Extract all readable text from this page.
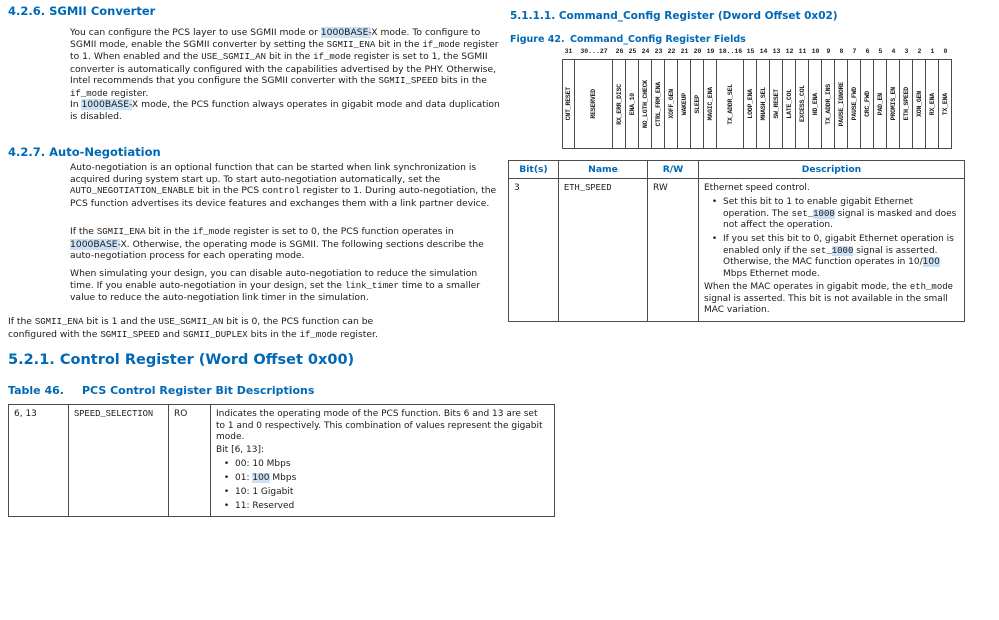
4.2.6. SGMII Converter

You can configure the PCS layer to use SGMII mode or 1000BASE-X mode. To configure to SGMII mode, enable the SGMII converter by setting the SGMII_ENA bit in the if_mode register to 1. When enabled and the USE_SGMII_AN bit in the if_mode register is set to 1, the SGMII converter is automatically configured with the capabilities advertised by the PHY. Otherwise, Intel recommends that you configure the SGMII converter with the SGMII_SPEED bits in the if_mode register.

In 1000BASE-X mode, the PCS function always operates in gigabit mode and data duplication is disabled.

4.2.7. Auto-Negotiation

Auto-negotiation is an optional function that can be started when link synchronization is acquired during system start up. To start auto-negotiation automatically, set the AUTO_NEGOTIATION_ENABLE bit in the PCS control register to 1. During auto-negotiation, the PCS function advertises its device features and exchanges them with a link partner device.

If the SGMII_ENA bit in the if_mode register is set to 0, the PCS function operates in 1000BASE-X. Otherwise, the operating mode is SGMII. The following sections describe the auto-negotiation process for each operating mode.

When simulating your design, you can disable auto-negotiation to reduce the simulation time. If you enable auto-negotiation in your design, set the link_timer time to a smaller value to reduce the auto-negotiation link timer in the simulation.

If the SGMII_ENA bit is 1 and the USE_SGMII_AN bit is 0, the PCS function can be configured with the SGMII_SPEED and SGMII_DUPLEX bits in the if_mode register.

5.2.1. Control Register (Word Offset 0x00)
Table 46. PCS Control Register Bit Descriptions
6, 13	SPEED_SELECTION	RO	Indicates the operating mode of the PCS function. Bits 6 and 13 are set to 1 and 0 respectively. This combination of values represent the gigabit mode.
Bit [6, 13]:
• 00: 10 Mbps
• 01: 100 Mbps
• 10: 1 Gigabit
• 11: Reserved
5.1.1.1. Command_Config Register (Dword Offset 0x02)
Figure 42. Command_Config Register Fields
31
CNT_RESET
30...27
RESERVED
26
RX_ERR_DISC
25
ENA_10
24
NO_LGTH_CHECK
23
CTRL_FRM_ENA
22
XOFF_GEN
21
WAKEUP
20
SLEEP
19
MAGIC_ENA
18..16
TX_ADDR_SEL
15
LOOP_ENA
14
MHASH_SEL
13
SW_RESET
12
LATE_COL
11
EXCESS_COL
10
HD_ENA
9
TX_ADDR_INS
8
PAUSE_IGNORE
7
PAUSE_FWD
6
CRC_FWD
5
PAD_EN
4
PROMIS_EN
3
ETH_SPEED
2
XON_GEN
1
RX_ENA
0
TX_ENA
Bit(s)	Name	R/W	Description
3	ETH_SPEED	RW	Ethernet speed control.
• Set this bit to 1 to enable gigabit Ethernet operation. The set_1000 signal is masked and does not affect the operation.
• If you set this bit to 0, gigabit Ethernet operation is enabled only if the set_1000 signal is asserted. Otherwise, the MAC function operates in 10/100 Mbps Ethernet mode.
When the MAC operates in gigabit mode, the eth_mode signal is asserted. This bit is not available in the small MAC variation.
